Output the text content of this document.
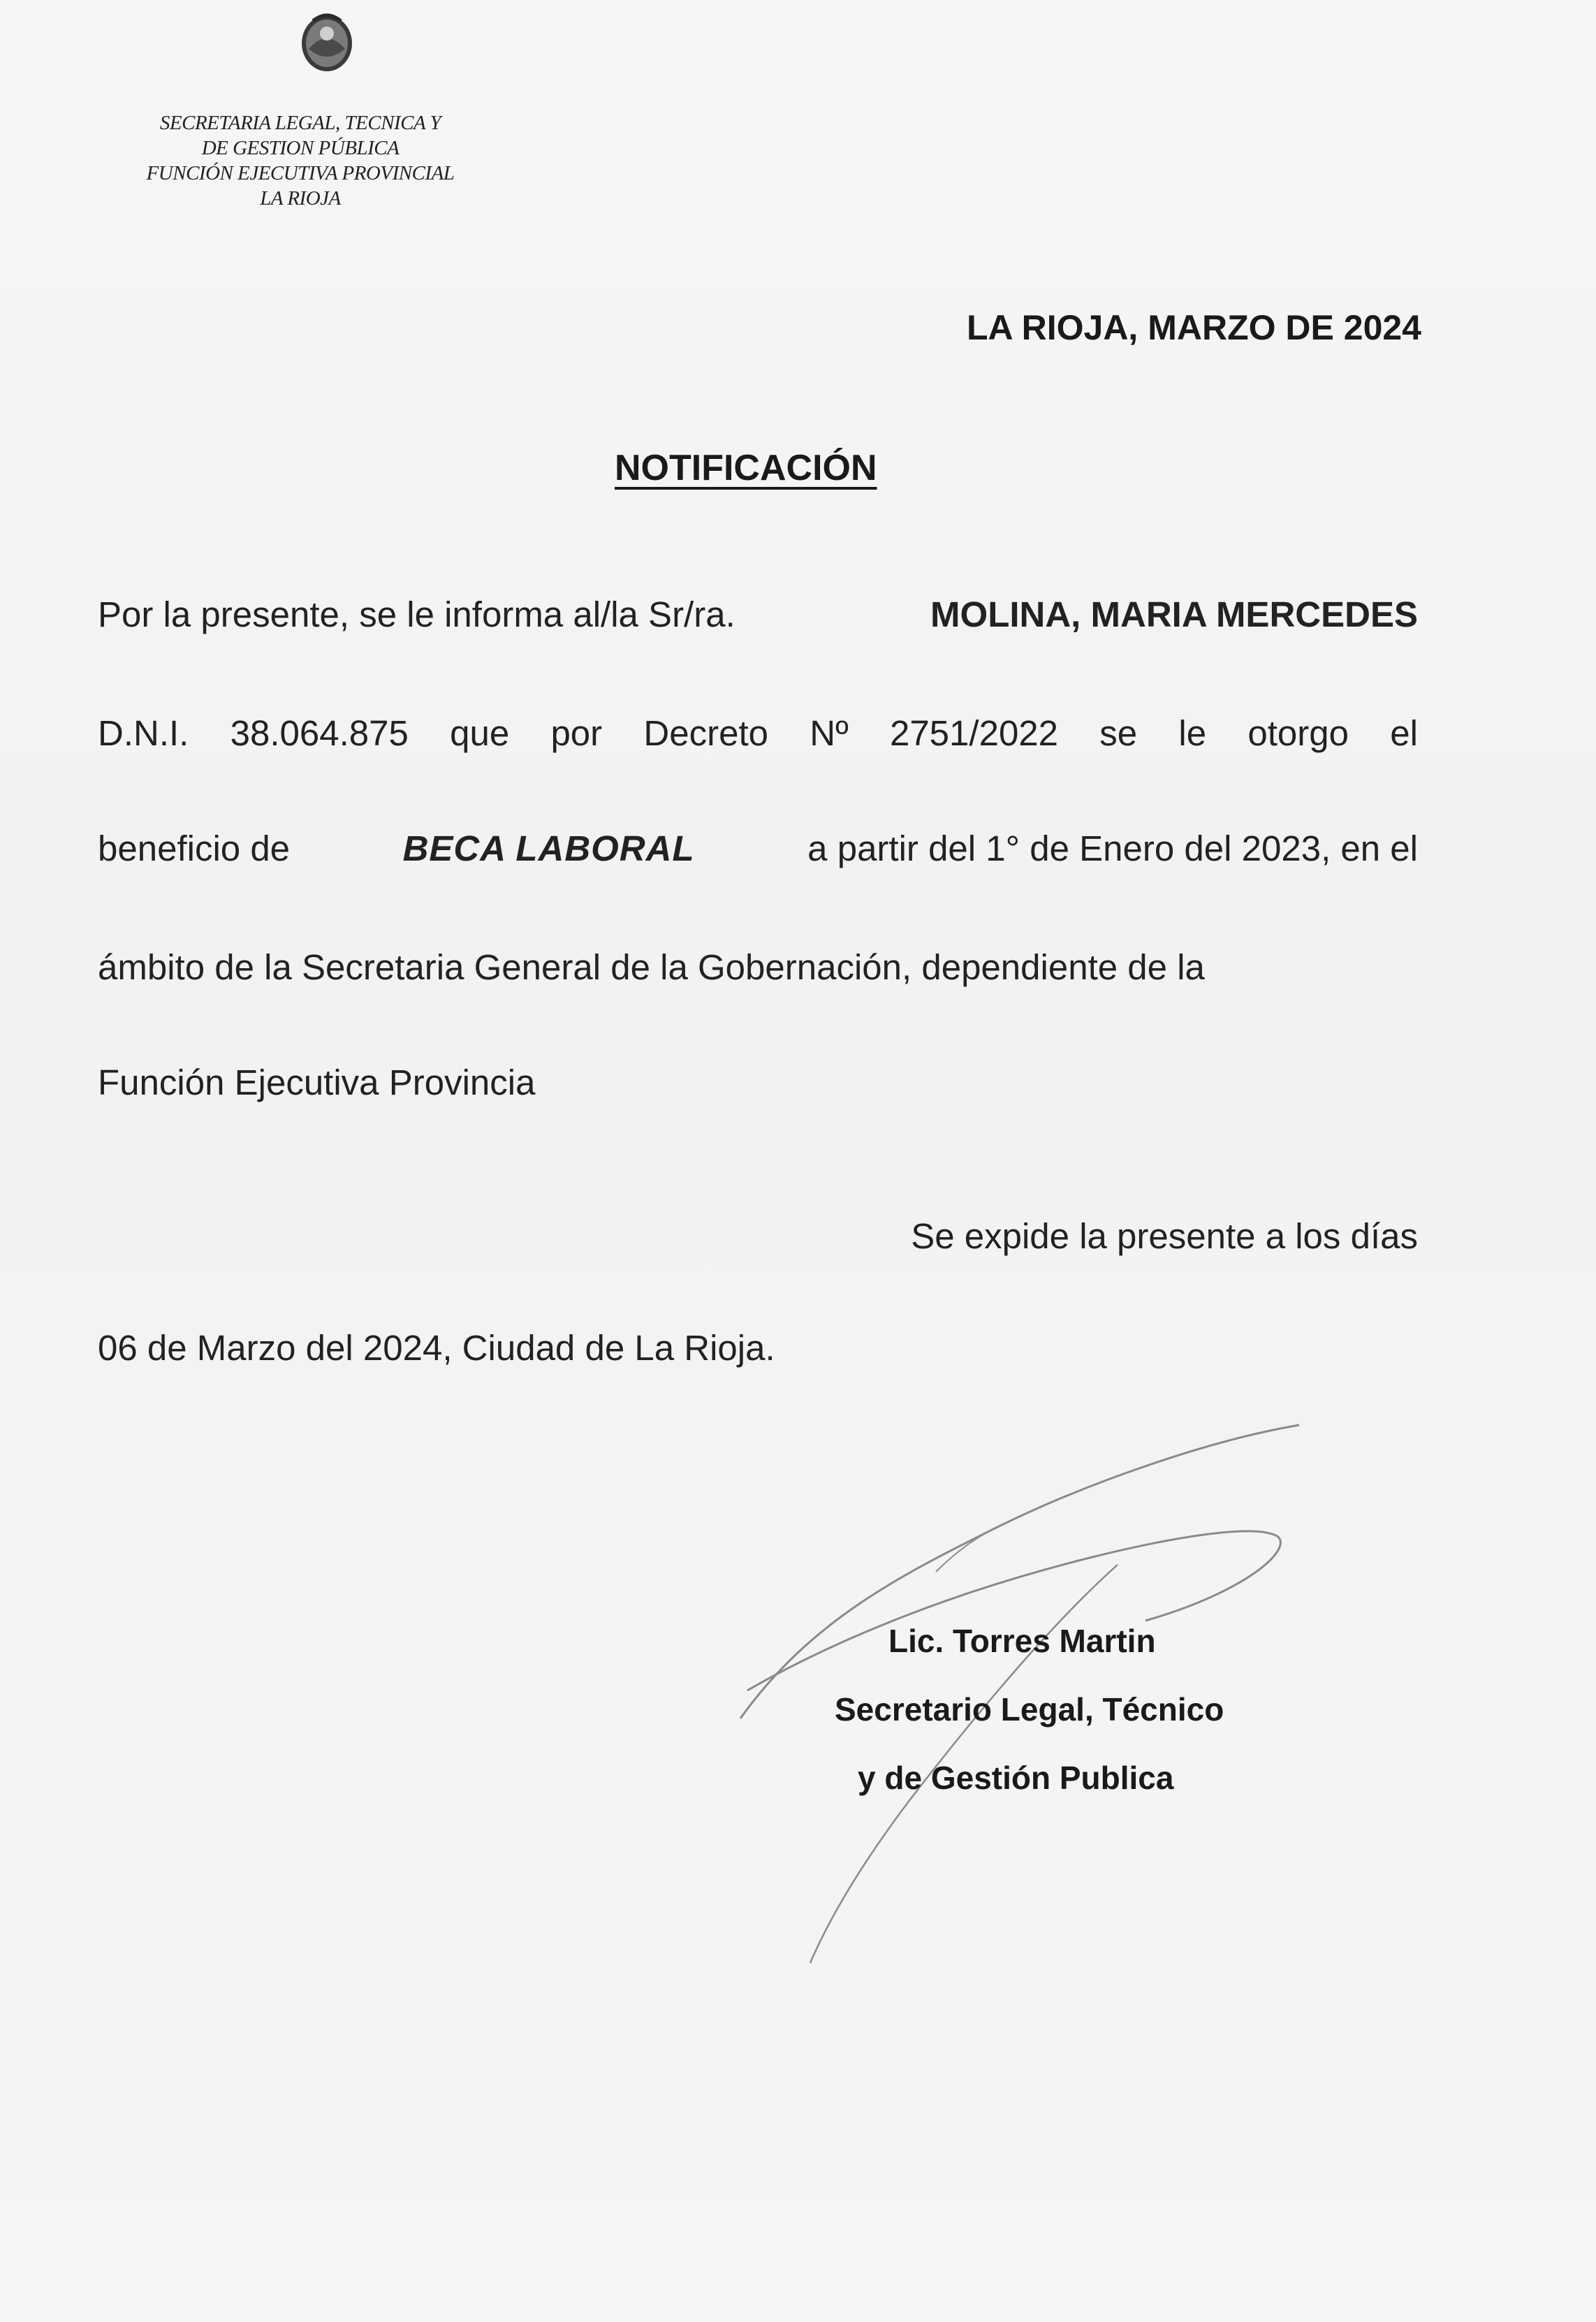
SECRETARIA LEGAL, TECNICA Y
DE GESTION PÚBLICA
FUNCIÓN EJECUTIVA PROVINCIAL
LA RIOJA
LA RIOJA, MARZO DE 2024
NOTIFICACIÓN
Por la presente, se le informa al/la Sr/ra.	MOLINA, MARIA MERCEDES
D.N.I. 38.064.875 que por Decreto Nº 2751/2022 se le otorgo el
beneficio de	BECA LABORAL	a partir del 1° de Enero del 2023, en el
ámbito de la Secretaria General de la Gobernación, dependiente de la
Función Ejecutiva Provincia
Se expide la presente a los días
06 de Marzo del 2024, Ciudad de La Rioja.
Lic. Torres Martin
Secretario Legal, Técnico
y de Gestión Publica
